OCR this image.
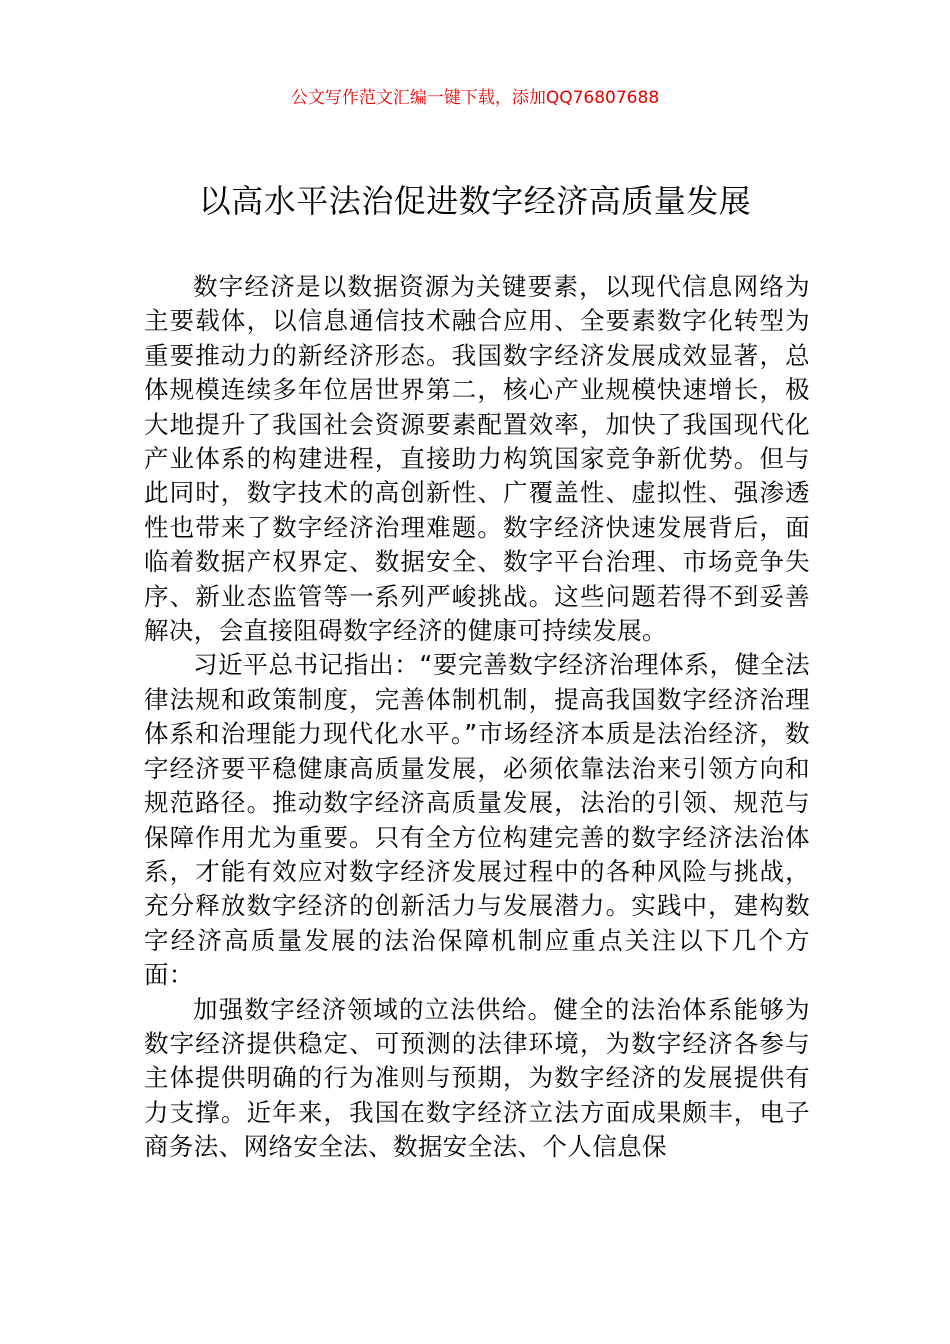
公文写作范文汇编一键下载，添加QQ76807688
以高水平法治促进数字经济高质量发展

数字经济是以数据资源为关键要素，以现代信息网络为主要载体，以信息通信技术融合应用、全要素数字化转型为重要推动力的新经济形态。我国数字经济发展成效显著，总体规模连续多年位居世界第二，核心产业规模快速增长，极大地提升了我国社会资源要素配置效率，加快了我国现代化产业体系的构建进程，直接助力构筑国家竞争新优势。但与此同时，数字技术的高创新性、广覆盖性、虚拟性、强渗透性也带来了数字经济治理难题。数字经济快速发展背后，面临着数据产权界定、数据安全、数字平台治理、市场竞争失序、新业态监管等一系列严峻挑战。这些问题若得不到妥善解决，会直接阻碍数字经济的健康可持续发展。

习近平总书记指出：“要完善数字经济治理体系，健全法律法规和政策制度，完善体制机制，提高我国数字经济治理体系和治理能力现代化水平。”市场经济本质是法治经济，数字经济要平稳健康高质量发展，必须依靠法治来引领方向和规范路径。推动数字经济高质量发展，法治的引领、规范与保障作用尤为重要。只有全方位构建完善的数字经济法治体系，才能有效应对数字经济发展过程中的各种风险与挑战，充分释放数字经济的创新活力与发展潜力。实践中，建构数字经济高质量发展的法治保障机制应重点关注以下几个方面：

加强数字经济领域的立法供给。健全的法治体系能够为数字经济提供稳定、可预测的法律环境，为数字经济各参与主体提供明确的行为准则与预期，为数字经济的发展提供有力支撑。近年来，我国在数字经济立法方面成果颇丰，电子商务法、网络安全法、数据安全法、个人信息保
